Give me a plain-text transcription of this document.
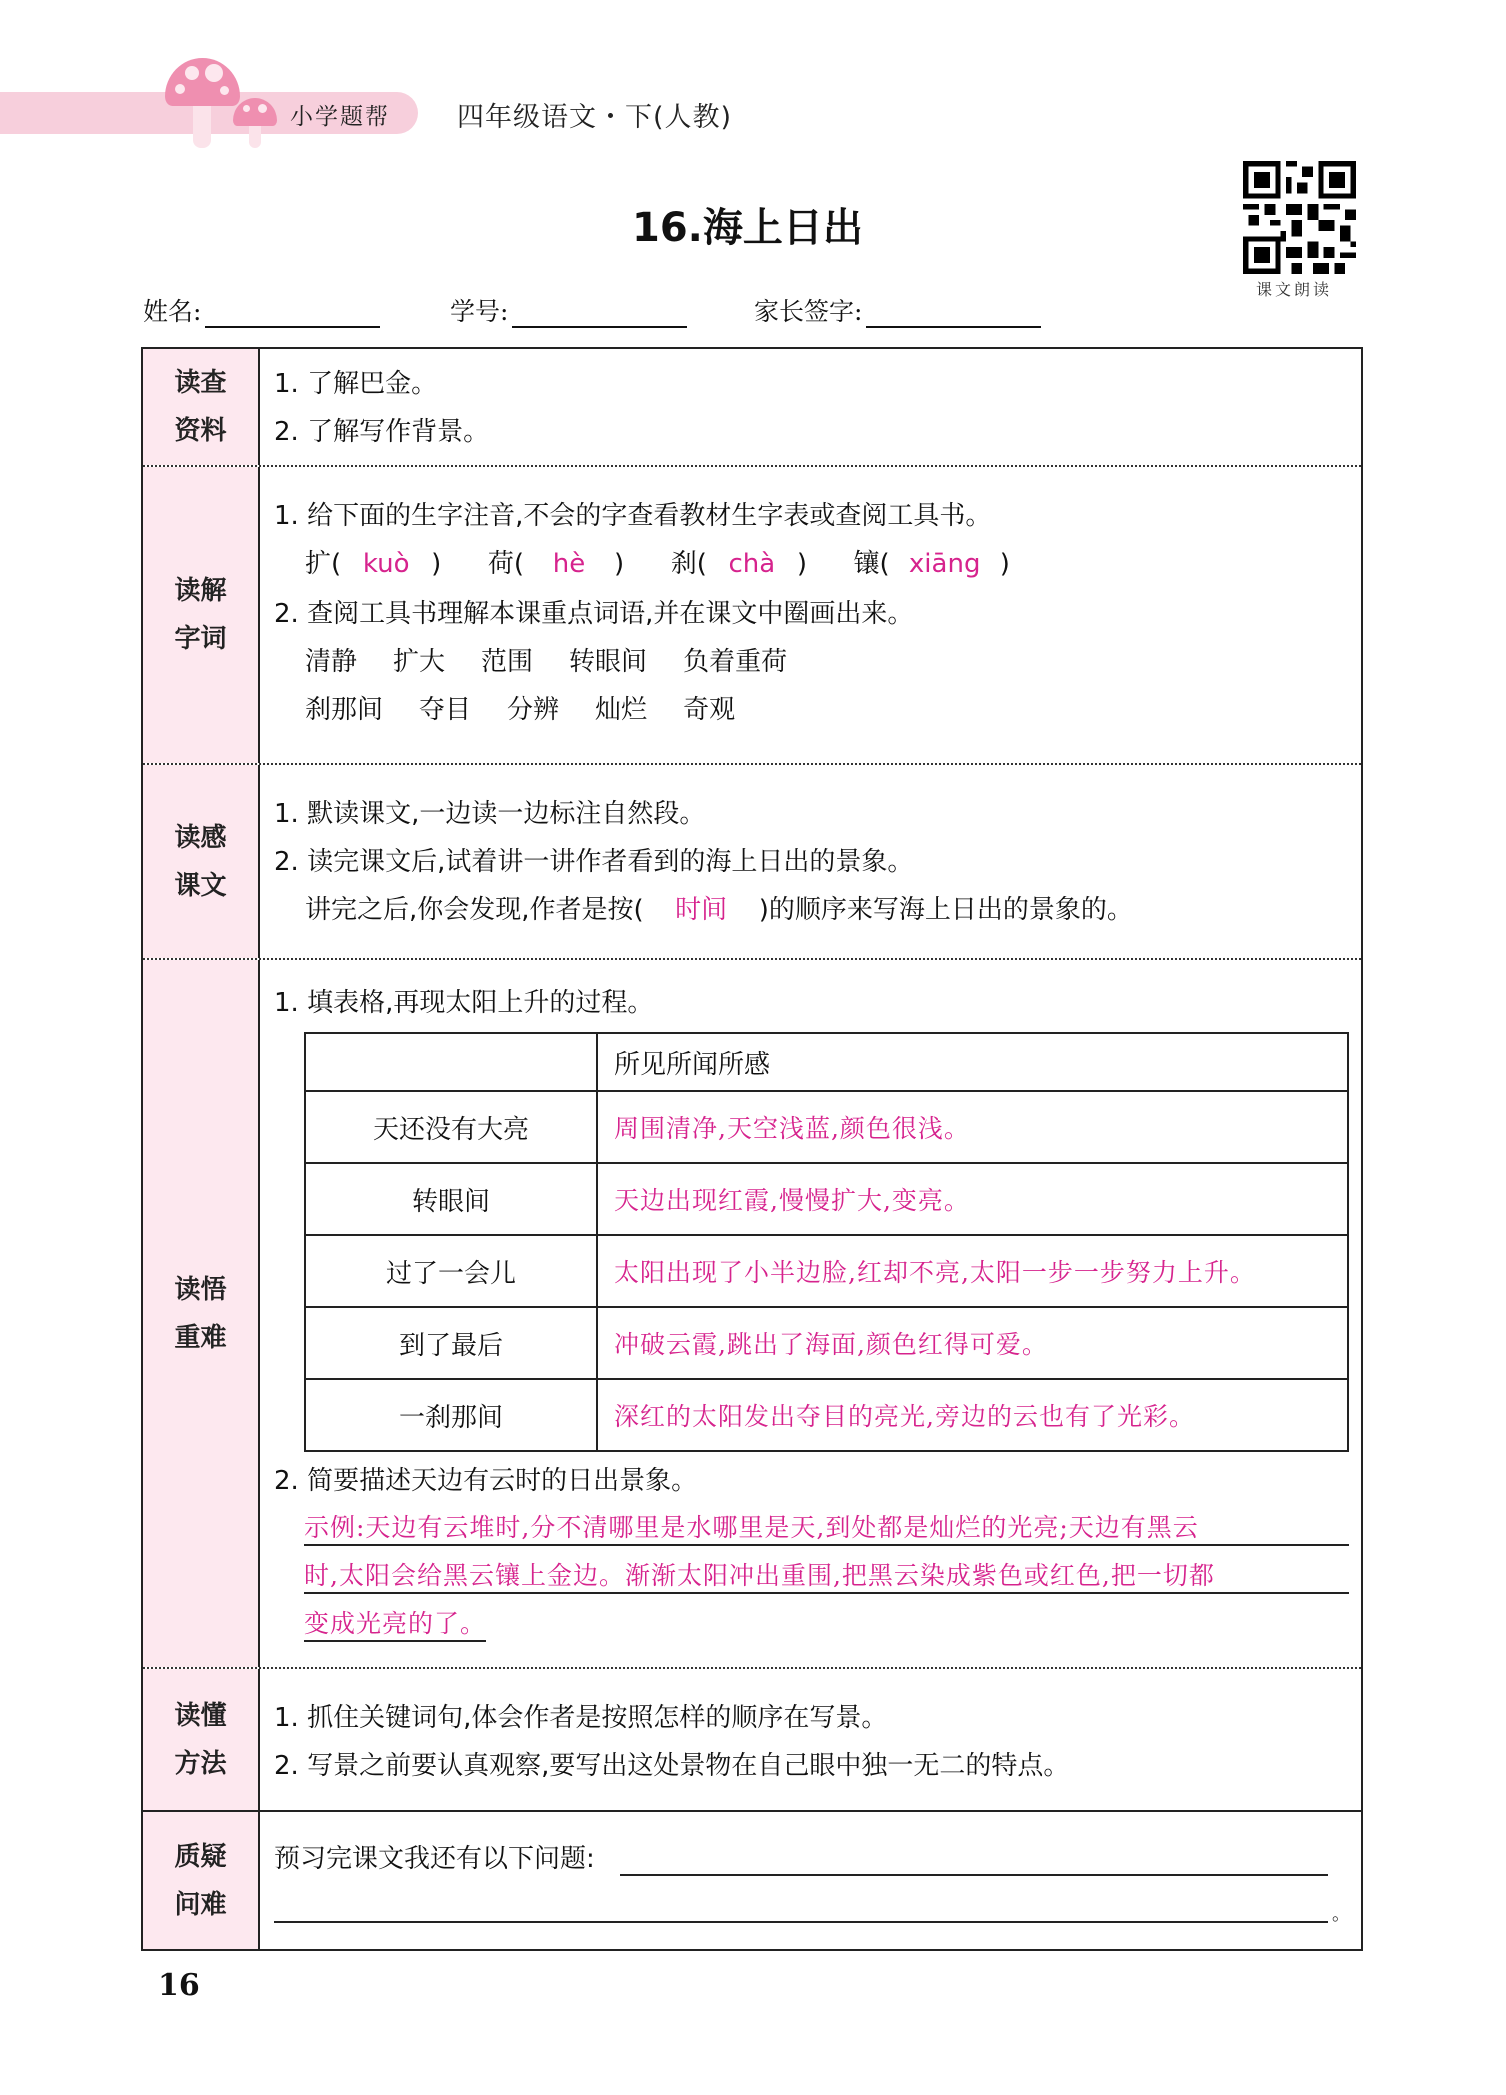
小学题帮 四年级语文・下(人教)
课文朗读
16.海上日出
姓名:	学号:	家长签字:
读查
资料
1. 了解巴金。
2. 了解写作背景。
读解
字词
1. 给下面的生字注音,不会的字查看教材生字表或查阅工具书。
扩( kuò ) 荷( hè ) 刹( chà ) 镶( xiāng )
2. 查阅工具书理解本课重点词语,并在课文中圈画出来。
清静 扩大 范围 转眼间 负着重荷
刹那间 夺目 分辨 灿烂 奇观
读感
课文
1. 默读课文,一边读一边标注自然段。
2. 读完课文后,试着讲一讲作者看到的海上日出的景象。
讲完之后,你会发现,作者是按( 时间 )的顺序来写海上日出的景象的。
读悟
重难
1. 填表格,再现太阳上升的过程。
	所见所闻所感
天还没有大亮	周围清净,天空浅蓝,颜色很浅。
转眼间	天边出现红霞,慢慢扩大,变亮。
过了一会儿	太阳出现了小半边脸,红却不亮,太阳一步一步努力上升。
到了最后	冲破云霞,跳出了海面,颜色红得可爱。
一刹那间	深红的太阳发出夺目的亮光,旁边的云也有了光彩。
2. 简要描述天边有云时的日出景象。
示例:天边有云堆时,分不清哪里是水哪里是天,到处都是灿烂的光亮;天边有黑云
时,太阳会给黑云镶上金边。渐渐太阳冲出重围,把黑云染成紫色或红色,把一切都
变成光亮的了。
读懂
方法
1. 抓住关键词句,体会作者是按照怎样的顺序在写景。
2. 写景之前要认真观察,要写出这处景物在自己眼中独一无二的特点。
质疑
问难
预习完课文我还有以下问题:
。
16
